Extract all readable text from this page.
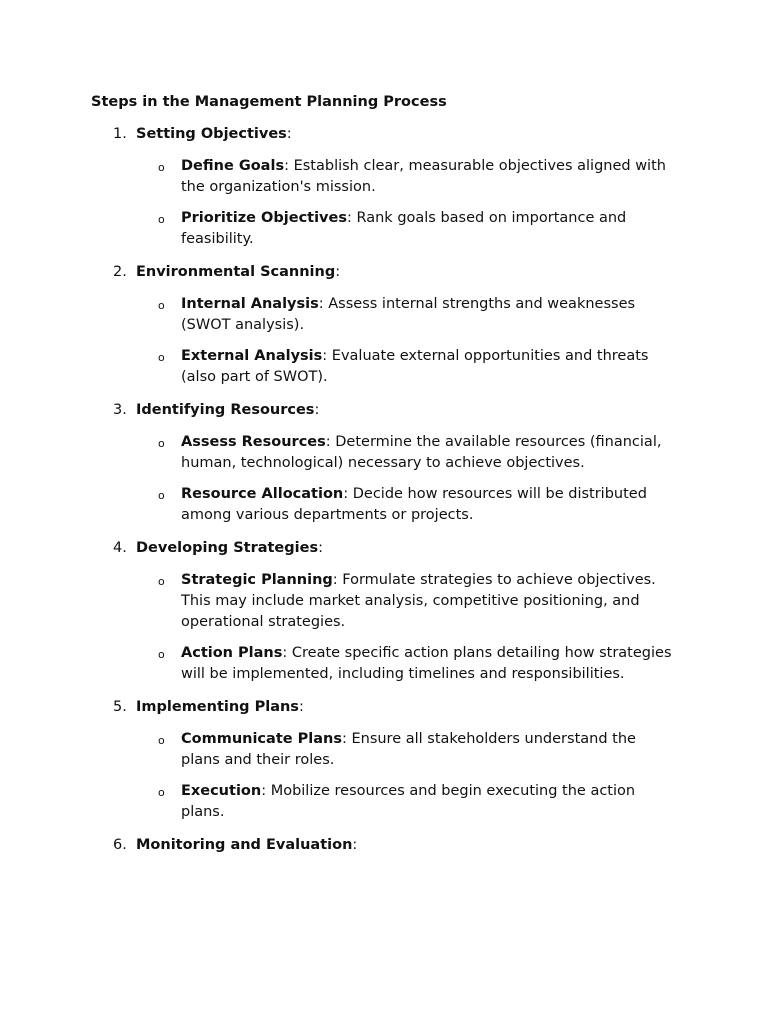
Steps in the Management Planning Process
1. Setting Objectives:
o Define Goals: Establish clear, measurable objectives aligned with the organization's mission.
o Prioritize Objectives: Rank goals based on importance and feasibility.
2. Environmental Scanning:
o Internal Analysis: Assess internal strengths and weaknesses (SWOT analysis).
o External Analysis: Evaluate external opportunities and threats (also part of SWOT).
3. Identifying Resources:
o Assess Resources: Determine the available resources (financial, human, technological) necessary to achieve objectives.
o Resource Allocation: Decide how resources will be distributed among various departments or projects.
4. Developing Strategies:
o Strategic Planning: Formulate strategies to achieve objectives. This may include market analysis, competitive positioning, and operational strategies.
o Action Plans: Create specific action plans detailing how strategies will be implemented, including timelines and responsibilities.
5. Implementing Plans:
o Communicate Plans: Ensure all stakeholders understand the plans and their roles.
o Execution: Mobilize resources and begin executing the action plans.
6. Monitoring and Evaluation:
